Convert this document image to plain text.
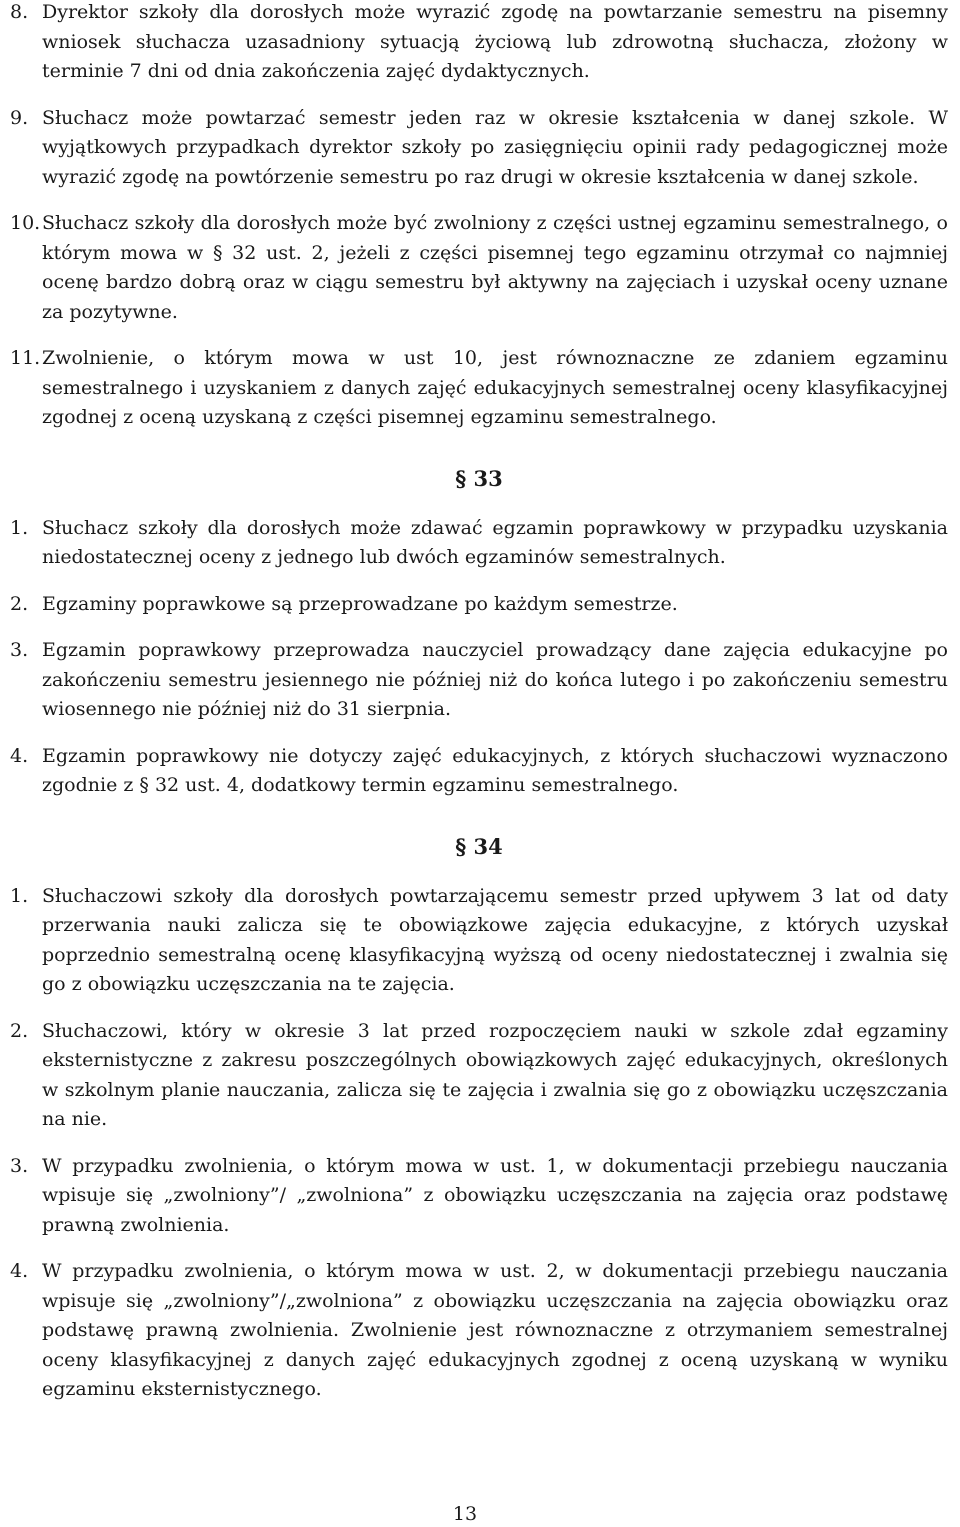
8. Dyrektor szkoły dla dorosłych może wyrazić zgodę na powtarzanie semestru na pisemny wniosek słuchacza uzasadniony sytuacją życiową lub zdrowotną słuchacza, złożony w terminie 7 dni od dnia zakończenia zajęć dydaktycznych.

9. Słuchacz może powtarzać semestr jeden raz w okresie kształcenia w danej szkole. W wyjątkowych przypadkach dyrektor szkoły po zasięgnięciu opinii rady pedagogicznej może wyrazić zgodę na powtórzenie semestru po raz drugi w okresie kształcenia w danej szkole.

10. Słuchacz szkoły dla dorosłych może być zwolniony z części ustnej egzaminu semestralnego, o którym mowa w § 32 ust. 2, jeżeli z części pisemnej tego egzaminu otrzymał co najmniej ocenę bardzo dobrą oraz w ciągu semestru był aktywny na zajęciach i uzyskał oceny uznane za pozytywne.

11. Zwolnienie, o którym mowa w ust 10, jest równoznaczne ze zdaniem egzaminu semestralnego i uzyskaniem z danych zajęć edukacyjnych semestralnej oceny klasyfikacyjnej zgodnej z oceną uzyskaną z części pisemnej egzaminu semestralnego.

§ 33

1. Słuchacz szkoły dla dorosłych może zdawać egzamin poprawkowy w przypadku uzyskania niedostatecznej oceny z jednego lub dwóch egzaminów semestralnych.

2. Egzaminy poprawkowe są przeprowadzane po każdym semestrze.

3. Egzamin poprawkowy przeprowadza nauczyciel prowadzący dane zajęcia edukacyjne po zakończeniu semestru jesiennego nie później niż do końca lutego i po zakończeniu semestru wiosennego nie później niż do 31 sierpnia.

4. Egzamin poprawkowy nie dotyczy zajęć edukacyjnych, z których słuchaczowi wyznaczono zgodnie z § 32 ust. 4, dodatkowy termin egzaminu semestralnego.

§ 34

1. Słuchaczowi szkoły dla dorosłych powtarzającemu semestr przed upływem 3 lat od daty przerwania nauki zalicza się te obowiązkowe zajęcia edukacyjne, z których uzyskał poprzednio semestralną ocenę klasyfikacyjną wyższą od oceny niedostatecznej i zwalnia się go z obowiązku uczęszczania na te zajęcia.

2. Słuchaczowi, który w okresie 3 lat przed rozpoczęciem nauki w szkole zdał egzaminy eksternistyczne z zakresu poszczególnych obowiązkowych zajęć edukacyjnych, określonych w szkolnym planie nauczania, zalicza się te zajęcia i zwalnia się go z obowiązku uczęszczania na nie.

3. W przypadku zwolnienia, o którym mowa w ust. 1, w dokumentacji przebiegu nauczania wpisuje się „zwolniony”/ „zwolniona” z obowiązku uczęszczania na zajęcia oraz podstawę prawną zwolnienia.

4. W przypadku zwolnienia, o którym mowa w ust. 2, w dokumentacji przebiegu nauczania wpisuje się „zwolniony”/„zwolniona” z obowiązku uczęszczania na zajęcia obowiązku oraz podstawę prawną zwolnienia. Zwolnienie jest równoznaczne z otrzymaniem semestralnej oceny klasyfikacyjnej z danych zajęć edukacyjnych zgodnej z oceną uzyskaną w wyniku egzaminu eksternistycznego.

13
